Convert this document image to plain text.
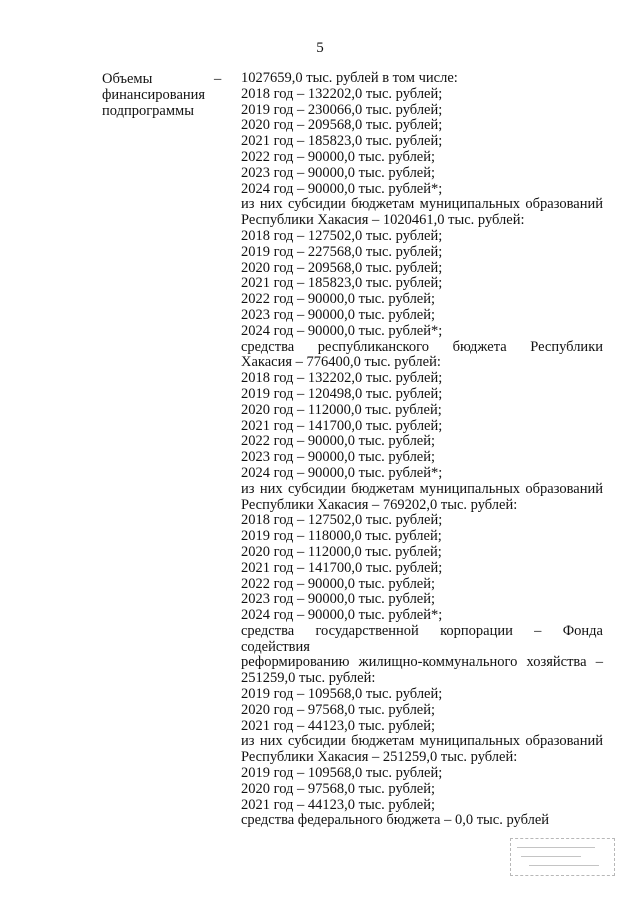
5
Объемы
финансирования
подпрограммы
– 1027659,0 тыс. рублей в том числе:
2018 год – 132202,0 тыс. рублей;
2019 год – 230066,0 тыс. рублей;
2020 год – 209568,0 тыс. рублей;
2021 год – 185823,0 тыс. рублей;
2022 год – 90000,0 тыс. рублей;
2023 год – 90000,0 тыс. рублей;
2024 год – 90000,0 тыс. рублей*;
из них субсидии бюджетам муниципальных образований
Республики Хакасия – 1020461,0 тыс. рублей:
2018 год – 127502,0 тыс. рублей;
2019 год – 227568,0 тыс. рублей;
2020 год – 209568,0 тыс. рублей;
2021 год – 185823,0 тыс. рублей;
2022 год – 90000,0 тыс. рублей;
2023 год – 90000,0 тыс. рублей;
2024 год – 90000,0 тыс. рублей*;
средства республиканского бюджета Республики
Хакасия – 776400,0 тыс. рублей:
2018 год – 132202,0 тыс. рублей;
2019 год – 120498,0 тыс. рублей;
2020 год – 112000,0 тыс. рублей;
2021 год – 141700,0 тыс. рублей;
2022 год – 90000,0 тыс. рублей;
2023 год – 90000,0 тыс. рублей;
2024 год – 90000,0 тыс. рублей*;
из них субсидии бюджетам муниципальных образований
Республики Хакасия – 769202,0 тыс. рублей:
2018 год – 127502,0 тыс. рублей;
2019 год – 118000,0 тыс. рублей;
2020 год – 112000,0 тыс. рублей;
2021 год – 141700,0 тыс. рублей;
2022 год – 90000,0 тыс. рублей;
2023 год – 90000,0 тыс. рублей;
2024 год – 90000,0 тыс. рублей*;
средства государственной корпорации – Фонда содействия
реформированию жилищно-коммунального хозяйства –
251259,0 тыс. рублей:
2019 год – 109568,0 тыс. рублей;
2020 год – 97568,0 тыс. рублей;
2021 год – 44123,0 тыс. рублей;
из них субсидии бюджетам муниципальных образований
Республики Хакасия – 251259,0 тыс. рублей:
2019 год – 109568,0 тыс. рублей;
2020 год – 97568,0 тыс. рублей;
2021 год – 44123,0 тыс. рублей;
средства федерального бюджета – 0,0 тыс. рублей
